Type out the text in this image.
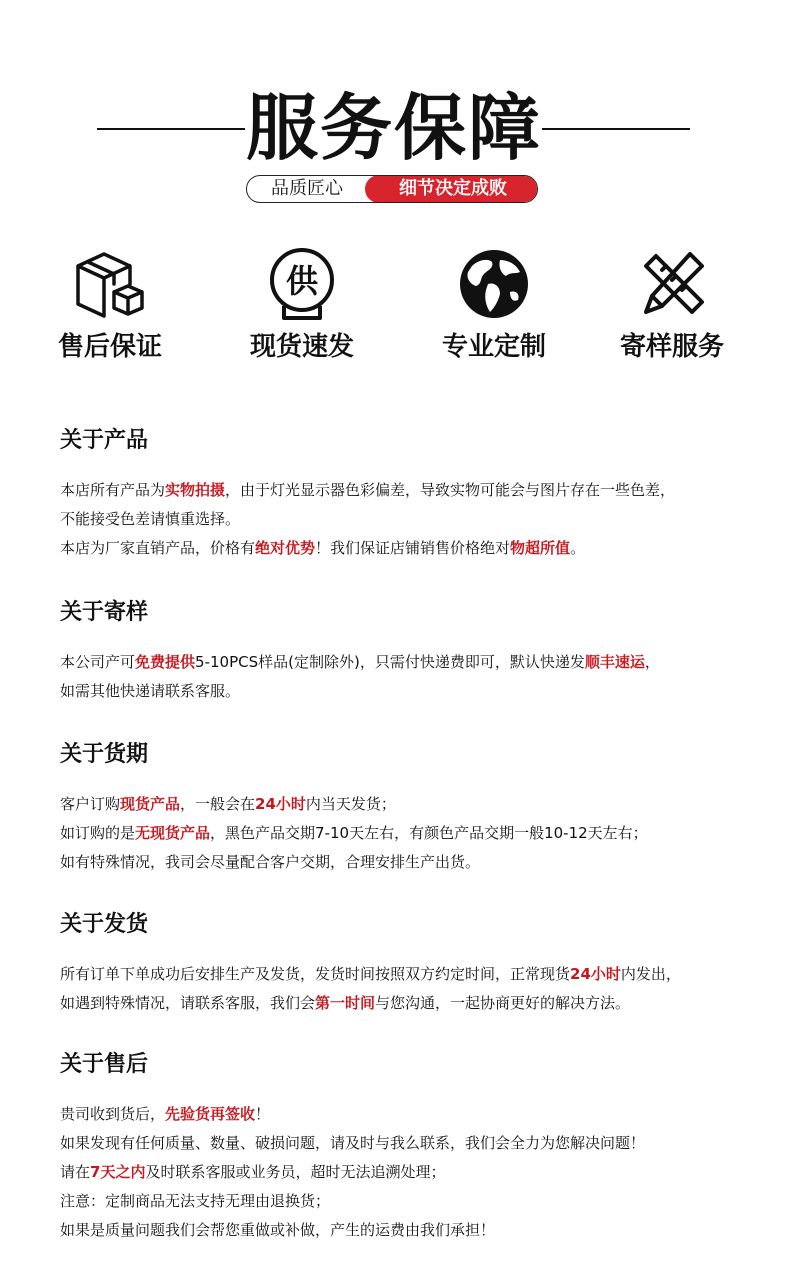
服务保障
品质匠心	细节决定成败
售后保证
供
现货速发	专业定制	寄样服务
关于产品

本店所有产品为实物拍摄，由于灯光显示器色彩偏差，导致实物可能会与图片存在一些色差，

不能接受色差请慎重选择。

本店为厂家直销产品，价格有绝对优势！我们保证店铺销售价格绝对物超所值。

关于寄样

本公司产可免费提供5-10PCS样品(定制除外)，只需付快递费即可，默认快递发顺丰速运，

如需其他快递请联系客服。

关于货期

客户订购现货产品，一般会在24小时内当天发货；

如订购的是无现货产品，黑色产品交期7-10天左右，有颜色产品交期一般10-12天左右；

如有特殊情况，我司会尽量配合客户交期，合理安排生产出货。

关于发货

所有订单下单成功后安排生产及发货，发货时间按照双方约定时间，正常现货24小时内发出，

如遇到特殊情况，请联系客服，我们会第一时间与您沟通，一起协商更好的解决方法。

关于售后

贵司收到货后，先验货再签收！

如果发现有任何质量、数量、破损问题，请及时与我么联系，我们会全力为您解决问题！

请在7天之内及时联系客服或业务员，超时无法追溯处理；

注意：定制商品无法支持无理由退换货；

如果是质量问题我们会帮您重做或补做，产生的运费由我们承担！
